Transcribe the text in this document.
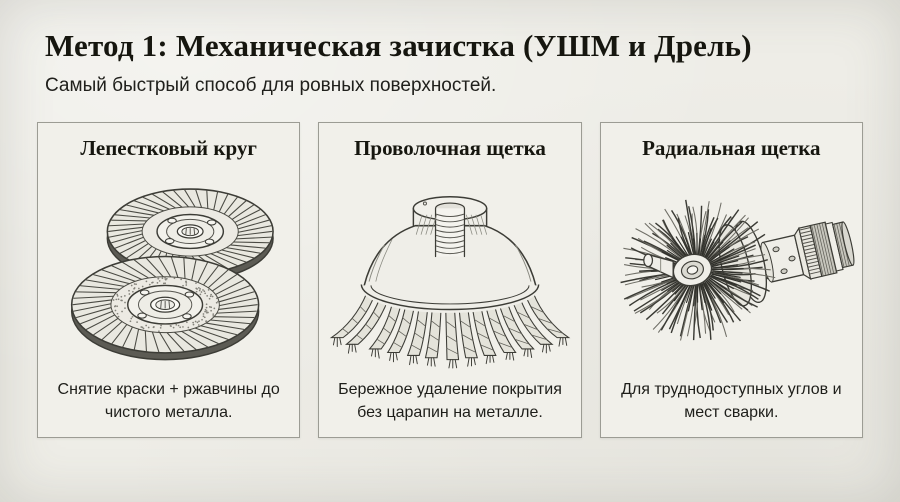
Метод 1: Механическая зачистка (УШМ и Дрель)
Самый быстрый способ для ровных поверхностей.
Лепестковый круг
Снятие краски + ржавчины до чистого металла.
Проволочная щетка
Бережное удаление покрытия без царапин на металле.
Радиальная щетка
Для труднодоступных углов и мест сварки.
